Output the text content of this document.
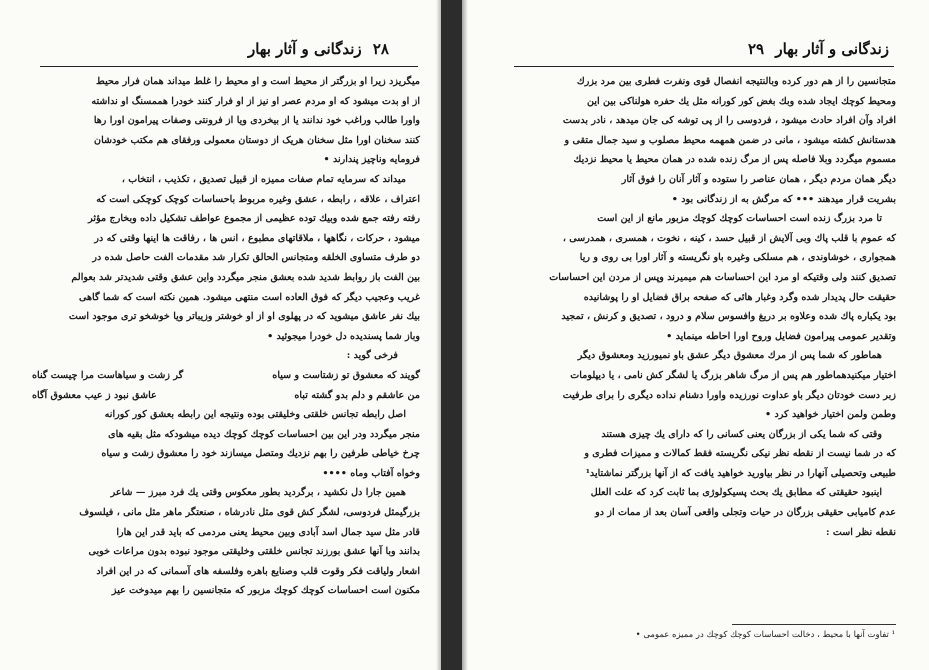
۲۸ زندگانی و آثار بهار

میگریزد زیرا او بزرگتر از محیط است و او محیط را غلط میداند همان فرار محیط

از او بدت میشود که او مردم عصر او نیز از او فرار کنند خودرا هممسنگ او نداشته

واورا طالب وراغب خود ندانند یا از بیخردی ویا از فرونتی وصفات پیرامون اورا رها

کنند سخنان اورا مثل سخنان هریک از دوستان معمولی ورفقای هم مکتب خودشان

فرومایه وناچیز پندارند •

میداند که سرمایه تمام صفات ممیزه از قبیل تصدیق ، تکذیب ، انتخاب ،

اعتراف ، علاقه ، رابطه ، عشق وغیره مربوط باحساسات کوچک کوچکی است که

رفته رفته جمع شده وبیك توده عظیمی از مجموع عواطف تشکیل داده وبخارج مؤثر

میشود ، حرکات ، نگاهها ، ملاقاتهای مطبوع ، انس ها ، رفاقت ها اینها وقتی که در

دو طرف متساوی الخلقه ومتجانس الحالق تکرار شد مقدمات الفت حاصل شده در

بین الفت باز روابط شدید شده بعشق منجر میگردد واین عشق وقتی شدیدتر شد بعوالم

غریب وعجیب دیگر که فوق العاده است منتهی میشود. همین نکته است که شما گاهی

بیك نفر عاشق میشوید که در پهلوی او از او خوشتر وزیباتر ویا خوشخو تری موجود است

وباز شما پسندیده دل خودرا میجوئید •

فرخی گوید :

گویند که معشوق تو زشتاست و سیاه
گر زشت و سیاهاست مرا چیست گناه
من عاشقم و دلم بدو گشته تباه
عاشق نبود ز عیب معشوق آگاه

اصل رابطه تجانس خلقتی وخلیقتی بوده ونتیجه این رابطه بعشق کور کورانه

منجر میگردد ودر این بین احساسات کوچك کوچك دیده میشودکه مثل بقیه های

چرخ خیاطی طرفین را بهم نزدیك ومتصل میسازند خود را معشوق زشت و سیاه

وخواه آفتاب وماه ••••

همین جارا دل نکشید ، برگردید بطور معکوس وقتی یك فرد مبرز — شاعر

بزرگیمثل فردوسی، لشگر کش قوی مثل نادرشاه ، صنعتگر ماهر مثل مانی ، فیلسوف

قادر مثل سید جمال اسد آبادی وبین محیط یعنی مردمی که باید قدر این هارا

بدانند وبا آنها عشق بورزند تجانس خلقتی وخلیقتی موجود نبوده بدون مراعات خوبی

اشعار ولیاقت فکر وقوت قلب وصنایع باهره وفلسفه های آسمانی که در این افراد

مکنون است احساسات کوچك کوچك مزبور که متجانسین را بهم میدوخت عیز

زندگانی و آثار بهار ۲۹

متجانسین را از هم دور کرده وبالنتیجه انفصال قوی ونفرت فطری بین مرد بزرك

ومحیط کوچك ایجاد شده وبك بغض کور کورانه مثل یك حفره هولناکی بین این

افراد وآن افراد حادث میشود ، فردوسی را از پی توشه کی جان میدهد ، نادر بدست

هدستانش کشته میشود ، مانی در ضمن همهمه محیط مصلوب و سید جمال متقی و

مسموم میگردد وبلا فاصله پس از مرگ زنده شده در همان محیط یا محیط نزدیك

دیگر همان مردم دیگر ، همان عناصر را ستوده و آثار آنان را فوق آثار

بشریت قرار میدهند ••• که مرگش به از زندگانی بود •

تا مرد بزرگ زنده است احساسات کوچك کوچك مزبور مانع از این است

که عموم با قلب پاك وبی آلایش از قبیل حسد ، کینه ، نخوت ، همسری ، همدرسی ،

همجواری ، خوشاوندی ، هم مسلکی وغیره باو نگریسته و آثار اورا بی روی و ریا

تصدیق کنند ولی وقتیکه او مرد این احساسات هم میمیرند وپس از مردن این احساسات

حقیقت حال پدیدار شده وگرد وغبار هائی که صفحه براق فضایل او را پوشانیده

بود یکباره پاك شده وعلاوه بر دریغ وافسوس سلام و درود ، تصدیق و کرنش ، تمجید

وتقدیر عمومی پیرامون فضایل وروح اورا احاطه مینماید •

هماطور که شما پس از مرك معشوق دیگر عشق باو نمیورزید ومعشوق دیگر

اختیار میکنیدهماطور هم پس از مرگ شاهر بزرگ یا لشگر کش نامی ، یا دیپلومات

زبر دست خودتان دیگر باو عداوت نورزیده واورا دشنام نداده دیگری را برای طرفیت

وطمن ولمن اختیار خواهید کرد •

وقتی که شما یکی از بزرگان یعنی کسانی را که دارای یك چیزی هستند

که در شما نیست از نقطه نظر نیکی نگریسته فقط کمالات و ممیزات فطری و

طبیعی وتحصیلی آنهارا در نظر بیاورید خواهید یافت که از آنها بزرگتر نماشتاید¹

اینبود حقیقتی که مطابق یك بحث پسیکولوژی بما ثابت کرد که علت العلل

عدم کامیابی حقیقی بزرگان در حیات وتجلی واقعی آسان بعد از ممات از دو

نقطه نظر است :

¹ تفاوت آنها با محیط ، دخالت احساسات کوچك کوچك در ممیزه عمومی •
